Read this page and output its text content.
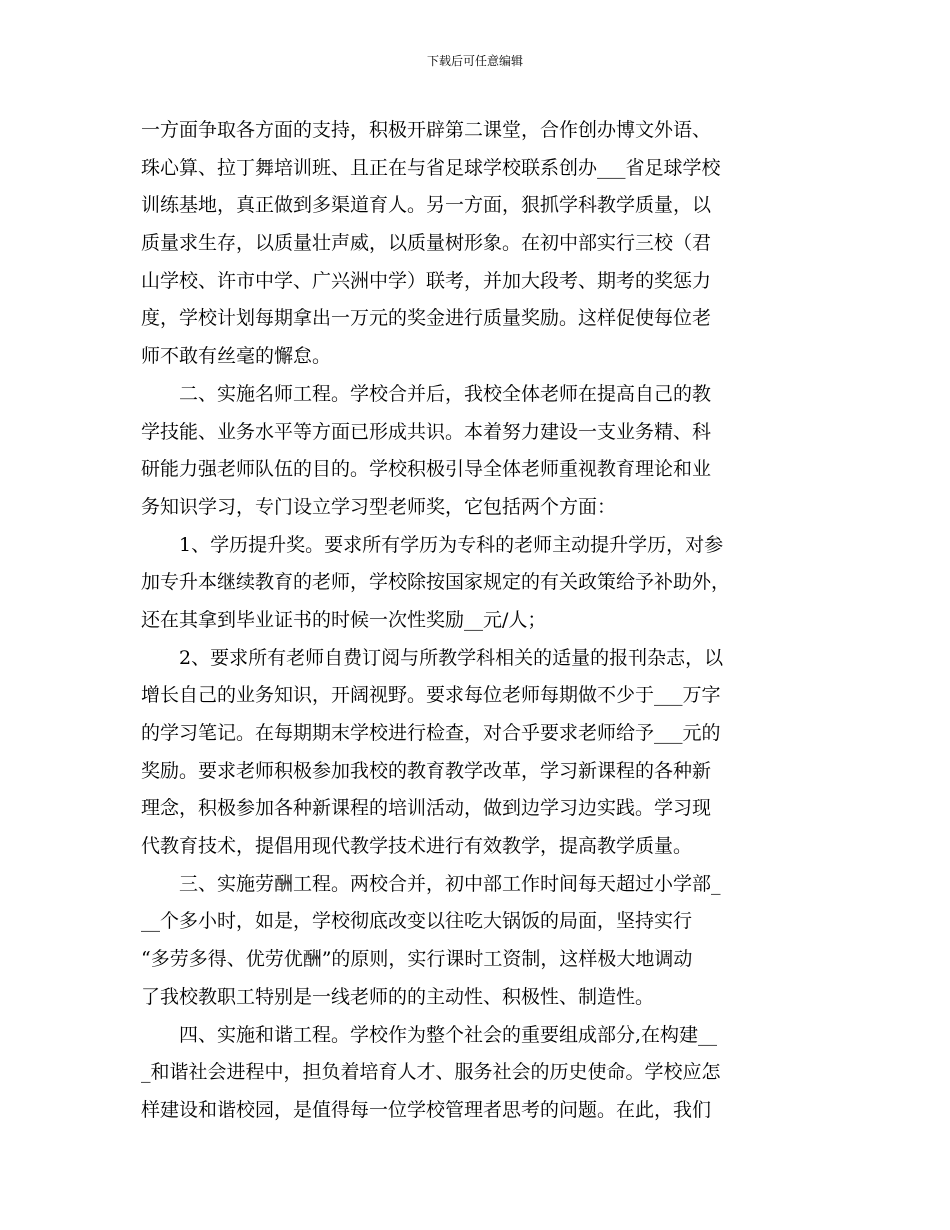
下载后可任意编辑
一方面争取各方面的支持，积极开辟第二课堂，合作创办博文外语、
珠心算、拉丁舞培训班、且正在与省足球学校联系创办___省足球学校
训练基地，真正做到多渠道育人。另一方面，狠抓学科教学质量，以
质量求生存，以质量壮声威，以质量树形象。在初中部实行三校（君
山学校、许市中学、广兴洲中学）联考，并加大段考、期考的奖惩力
度，学校计划每期拿出一万元的奖金进行质量奖励。这样促使每位老
师不敢有丝毫的懈怠。
二、实施名师工程。学校合并后，我校全体老师在提高自己的教
学技能、业务水平等方面已形成共识。本着努力建设一支业务精、科
研能力强老师队伍的目的。学校积极引导全体老师重视教育理论和业
务知识学习，专门设立学习型老师奖，它包括两个方面：
1、学历提升奖。要求所有学历为专科的老师主动提升学历，对参
加专升本继续教育的老师，学校除按国家规定的有关政策给予补助外，
还在其拿到毕业证书的时候一次性奖励__元/人；
2、要求所有老师自费订阅与所教学科相关的适量的报刊杂志，以
增长自己的业务知识，开阔视野。要求每位老师每期做不少于___万字
的学习笔记。在每期期末学校进行检查，对合乎要求老师给予___元的
奖励。要求老师积极参加我校的教育教学改革，学习新课程的各种新
理念，积极参加各种新课程的培训活动，做到边学习边实践。学习现
代教育技术，提倡用现代教学技术进行有效教学，提高教学质量。
三、实施劳酬工程。两校合并，初中部工作时间每天超过小学部_
__个多小时，如是，学校彻底改变以往吃大锅饭的局面，坚持实行
“多劳多得、优劳优酬”的原则，实行课时工资制，这样极大地调动
了我校教职工特别是一线老师的的主动性、积极性、制造性。
四、实施和谐工程。学校作为整个社会的重要组成部分,在构建__
_和谐社会进程中，担负着培育人才、服务社会的历史使命。学校应怎
样建设和谐校园，是值得每一位学校管理者思考的问题。在此，我们
